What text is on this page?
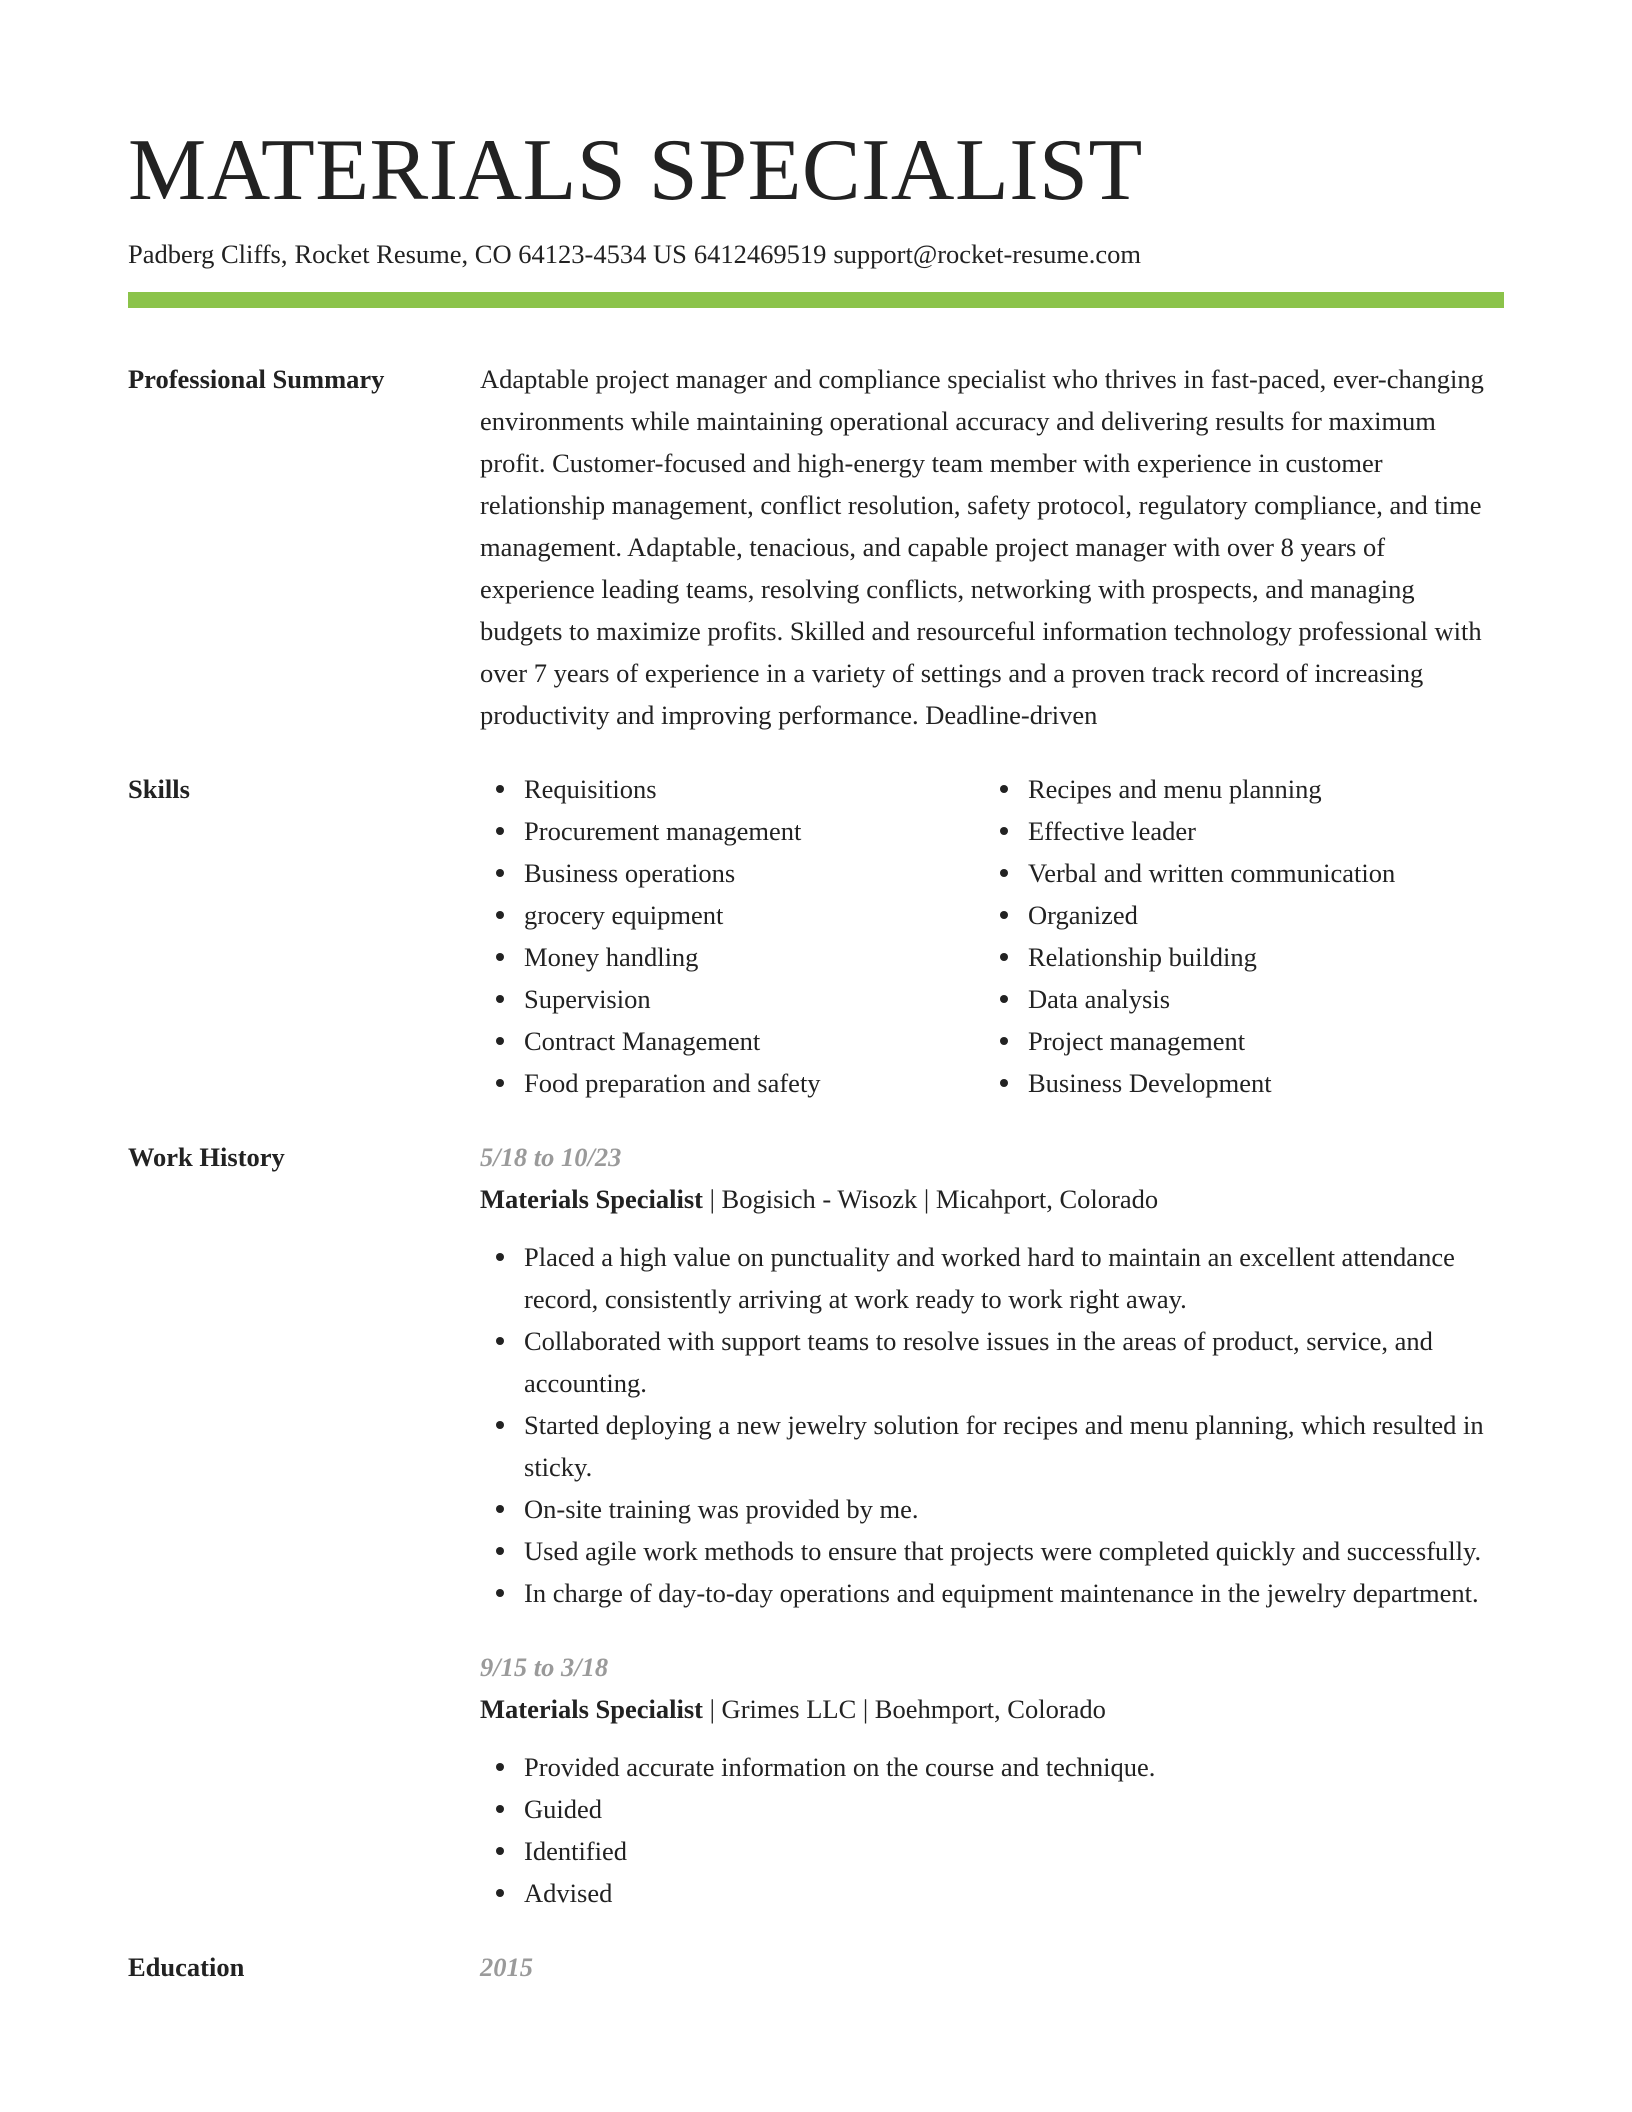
MATERIALS SPECIALIST
Padberg Cliffs, Rocket Resume, CO 64123-4534 US 6412469519 support@rocket-resume.com
Professional Summary	Adaptable project manager and compliance specialist who thrives in fast-paced, ever-changing environments while maintaining operational accuracy and delivering results for maximum profit. Customer-focused and high-energy team member with experience in customer relationship management, conflict resolution, safety protocol, regulatory compliance, and time management. Adaptable, tenacious, and capable project manager with over 8 years of experience leading teams, resolving conflicts, networking with prospects, and managing budgets to maximize profits. Skilled and resourceful information technology professional with over 7 years of experience in a variety of settings and a proven track record of increasing productivity and improving performance. Deadline-driven

Skills	Requisitions
Procurement management
Business operations
grocery equipment
Money handling
Supervision
Contract Management
Food preparation and safety
Recipes and menu planning
Effective leader
Verbal and written communication
Organized
Relationship building
Data analysis
Project management
Business Development
Work History	5/18 to 10/23
Materials Specialist | Bogisich - Wisozk | Micahport, Colorado
Placed a high value on punctuality and worked hard to maintain an excellent attendance record, consistently arriving at work ready to work right away.
Collaborated with support teams to resolve issues in the areas of product, service, and accounting.
Started deploying a new jewelry solution for recipes and menu planning, which resulted in sticky.
On-site training was provided by me.
Used agile work methods to ensure that projects were completed quickly and successfully.
In charge of day-to-day operations and equipment maintenance in the jewelry department.
9/15 to 3/18
Materials Specialist | Grimes LLC | Boehmport, Colorado
Provided accurate information on the course and technique.
Guided
Identified
Advised
Education	2015
